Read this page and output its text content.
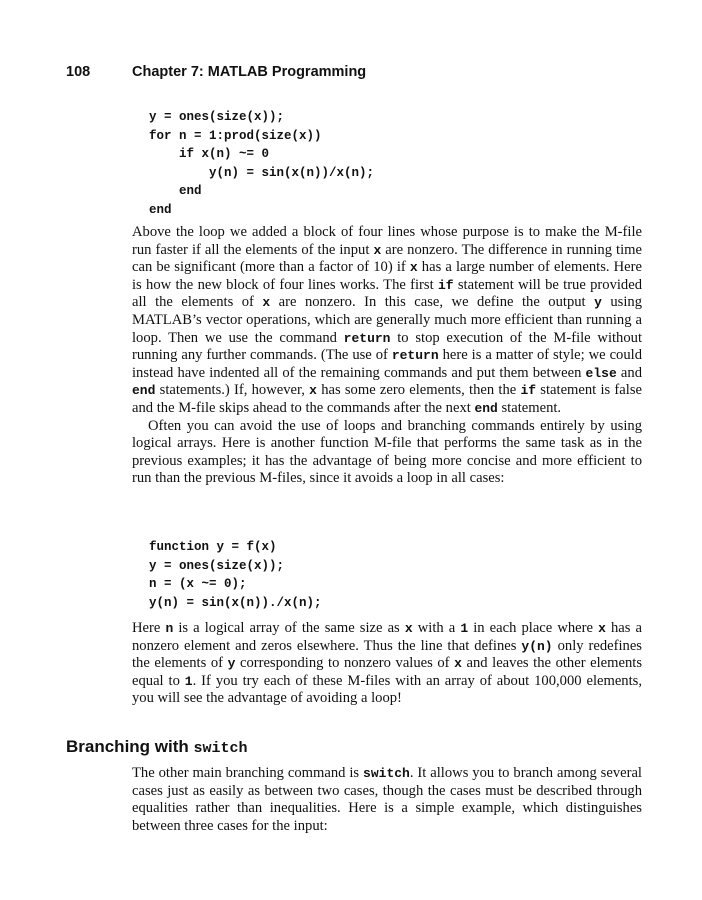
108	Chapter 7: MATLAB Programming
y = ones(size(x));
for n = 1:prod(size(x))
if x(n) ~= 0
y(n) = sin(x(n))/x(n);
end
end

Above the loop we added a block of four lines whose purpose is to make the M-file run faster if all the elements of the input x are nonzero. The difference in running time can be significant (more than a factor of 10) if x has a large number of elements. Here is how the new block of four lines works. The first if statement will be true provided all the elements of x are nonzero. In this case, we define the output y using MATLAB’s vector operations, which are generally much more efficient than running a loop. Then we use the command return to stop execution of the M-file without running any further commands. (The use of return here is a matter of style; we could instead have indented all of the remaining commands and put them between else and end statements.) If, however, x has some zero elements, then the if statement is false and the M-file skips ahead to the commands after the next end statement.

Often you can avoid the use of loops and branching commands entirely by using logical arrays. Here is another function M-file that performs the same task as in the previous examples; it has the advantage of being more concise and more efficient to run than the previous M-files, since it avoids a loop in all cases:

function y = f(x)
y = ones(size(x));
n = (x ~= 0);
y(n) = sin(x(n))./x(n);

Here n is a logical array of the same size as x with a 1 in each place where x has a nonzero element and zeros elsewhere. Thus the line that defines y(n) only redefines the elements of y corresponding to nonzero values of x and leaves the other elements equal to 1. If you try each of these M-files with an array of about 100,000 elements, you will see the advantage of avoiding a loop!

Branching with switch

The other main branching command is switch. It allows you to branch among several cases just as easily as between two cases, though the cases must be described through equalities rather than inequalities. Here is a simple example, which distinguishes between three cases for the input:
